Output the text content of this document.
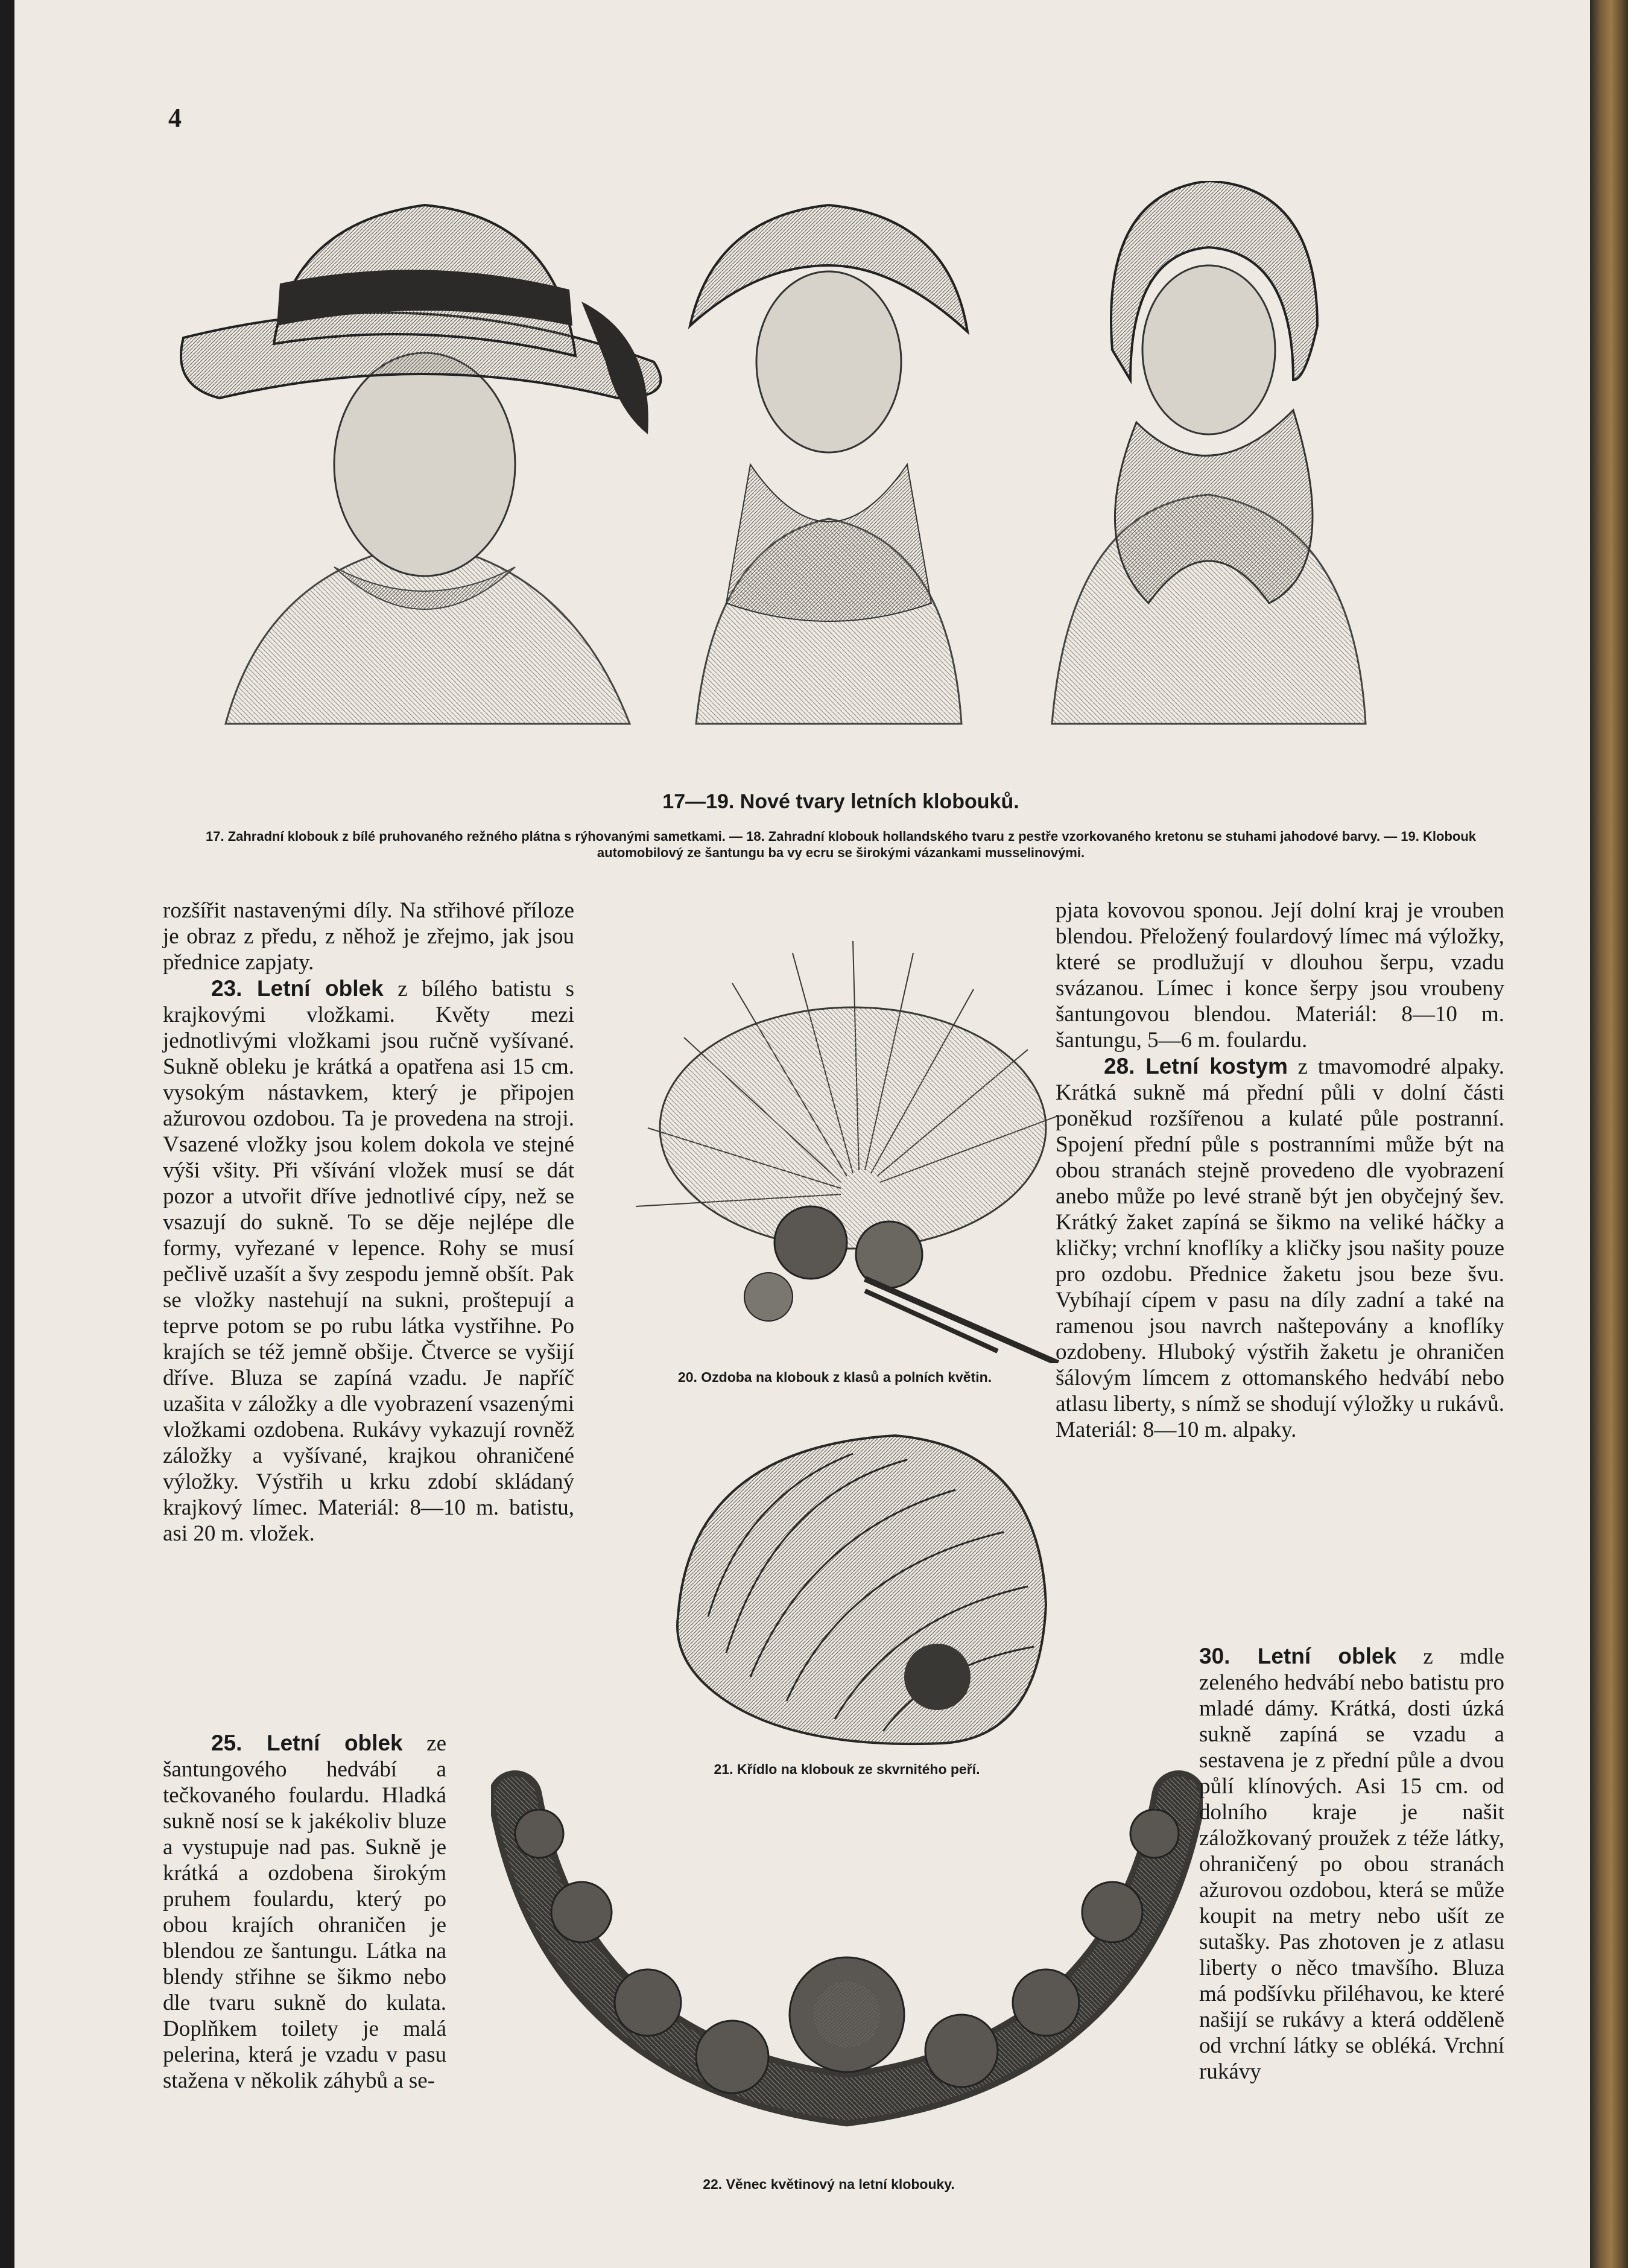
4
17—19. Nové tvary letních klobouků.
17. Zahradní klobouk z bílé pruhovaného režného plátna s rýhovanými sametkami. — 18. Zahradní klobouk hollandského tvaru z pestře vzorkovaného kretonu se stuhami jahodové barvy. — 19. Klobouk automobilový ze šantungu ba vy ecru se širokými vázankami musselinovými.

rozšířit nastavenými díly. Na střihové příloze je obraz z předu, z něhož je zřejmo, jak jsou přednice zapjaty.

23. Letní oblek z bílého batistu s krajkovými vložkami. Květy mezi jednotlivými vložkami jsou ručně vyšívané. Sukně obleku je krátká a opatřena asi 15 cm. vysokým nástavkem, který je připojen ažurovou ozdobou. Ta je provedena na stroji. Vsazené vložky jsou kolem dokola ve stejné výši všity. Při všívání vložek musí se dát pozor a utvořit dříve jednotlivé cípy, než se vsazují do sukně. To se děje nejlépe dle formy, vyřezané v lepence. Rohy se musí pečlivě uzašít a švy zespodu jemně obšít. Pak se vložky nastehují na sukni, proštepují a teprve potom se po rubu látka vystřihne. Po krajích se též jemně obšije. Čtverce se vyšijí dříve. Bluza se zapíná vzadu. Je napříč uzašita v záložky a dle vyobrazení vsazenými vložkami ozdobena. Rukávy vykazují rovněž záložky a vyšívané, krajkou ohraničené výložky. Výstřih u krku zdobí skládaný krajkový límec. Materiál: 8—10 m. batistu, asi 20 m. vložek.

25. Letní oblek ze šantungového hedvábí a tečkovaného foulardu. Hladká sukně nosí se k jakékoliv bluze a vystupuje nad pas. Sukně je krátká a ozdobena širokým pruhem foulardu, který po obou krajích ohraničen je blendou ze šantungu. Látka na blendy střihne se šikmo nebo dle tvaru sukně do kulata. Doplňkem toilety je malá pelerina, která je vzadu v pasu stažena v několik záhybů a se-

20. Ozdoba na klobouk z klasů a polních květin.
21. Křídlo na klobouk ze skvrnitého peří.
22. Věnec květinový na letní klobouky.

pjata kovovou sponou. Její dolní kraj je vrouben blendou. Přeložený foulardový límec má výložky, které se prodlužují v dlouhou šerpu, vzadu svázanou. Límec i konce šerpy jsou vroubeny šantungovou blendou. Materiál: 8—10 m. šantungu, 5—6 m. foulardu.

28. Letní kostym z tmavomodré alpaky. Krátká sukně má přední půli v dolní části poněkud rozšířenou a kulaté půle postranní. Spojení přední půle s postranními může být na obou stranách stejně provedeno dle vyobrazení anebo může po levé straně být jen obyčejný šev. Krátký žaket zapíná se šikmo na veliké háčky a kličky; vrchní knoflíky a kličky jsou našity pouze pro ozdobu. Přednice žaketu jsou beze švu. Vybíhají cípem v pasu na díly zadní a také na ramenou jsou navrch naštepovány a knoflíky ozdobeny. Hluboký výstřih žaketu je ohraničen šálovým límcem z ottomanského hedvábí nebo atlasu liberty, s nímž se shodují výložky u rukávů. Materiál: 8—10 m. alpaky.

30. Letní oblek z mdle zeleného hedvábí nebo batistu pro mladé dámy. Krátká, dosti úzká sukně zapíná se vzadu a sestavena je z přední půle a dvou půlí klínových. Asi 15 cm. od dolního kraje je našit záložkovaný proužek z téže látky, ohraničený po obou stranách ažurovou ozdobou, která se může koupit na metry nebo ušít ze sutašky. Pas zhotoven je z atlasu liberty o něco tmavšího. Bluza má podšívku přiléhavou, ke které našijí se rukávy a která odděleně od vrchní látky se obléká. Vrchní rukávy
